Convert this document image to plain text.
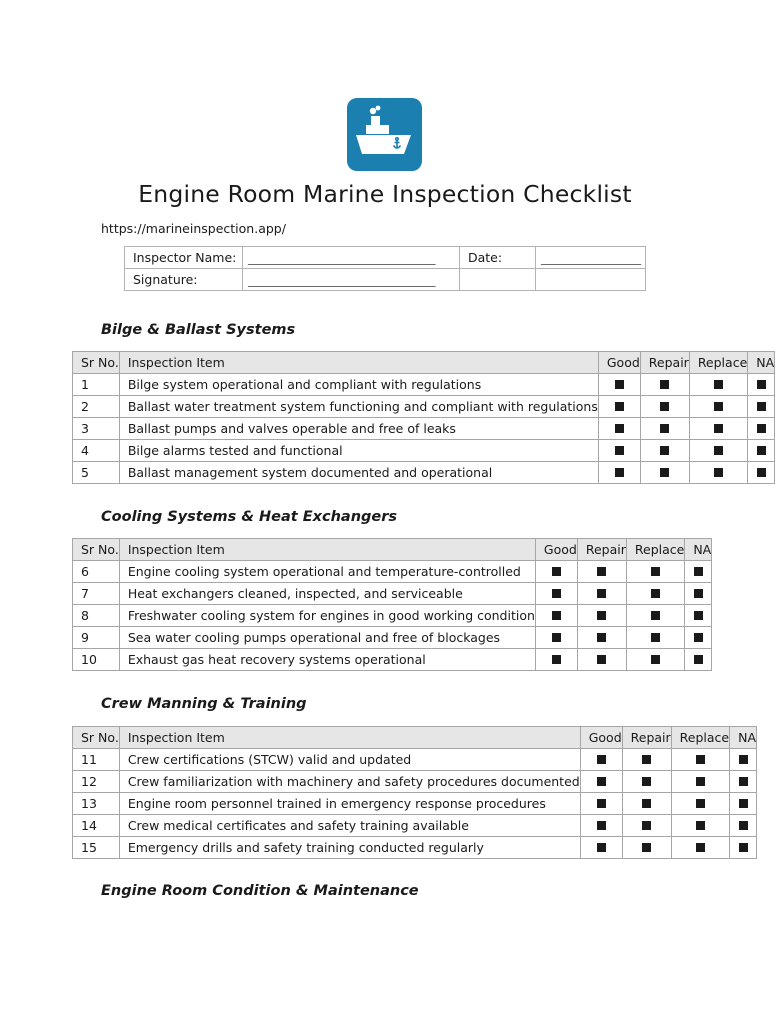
Engine Room Marine Inspection Checklist
https://marineinspection.app/
Inspector Name:	______________________________	Date:	________________
Signature:	______________________________		
Bilge & Ballast Systems
Sr No.	Inspection Item	Good	Repair	Replace	NA
1	Bilge system operational and compliant with regulations				
2	Ballast water treatment system functioning and compliant with regulations				
3	Ballast pumps and valves operable and free of leaks				
4	Bilge alarms tested and functional				
5	Ballast management system documented and operational				
Cooling Systems & Heat Exchangers
Sr No.	Inspection Item	Good	Repair	Replace	NA
6	Engine cooling system operational and temperature-controlled				
7	Heat exchangers cleaned, inspected, and serviceable				
8	Freshwater cooling system for engines in good working condition				
9	Sea water cooling pumps operational and free of blockages				
10	Exhaust gas heat recovery systems operational				
Crew Manning & Training
Sr No.	Inspection Item	Good	Repair	Replace	NA
11	Crew certifications (STCW) valid and updated				
12	Crew familiarization with machinery and safety procedures documented				
13	Engine room personnel trained in emergency response procedures				
14	Crew medical certificates and safety training available				
15	Emergency drills and safety training conducted regularly				
Engine Room Condition & Maintenance
